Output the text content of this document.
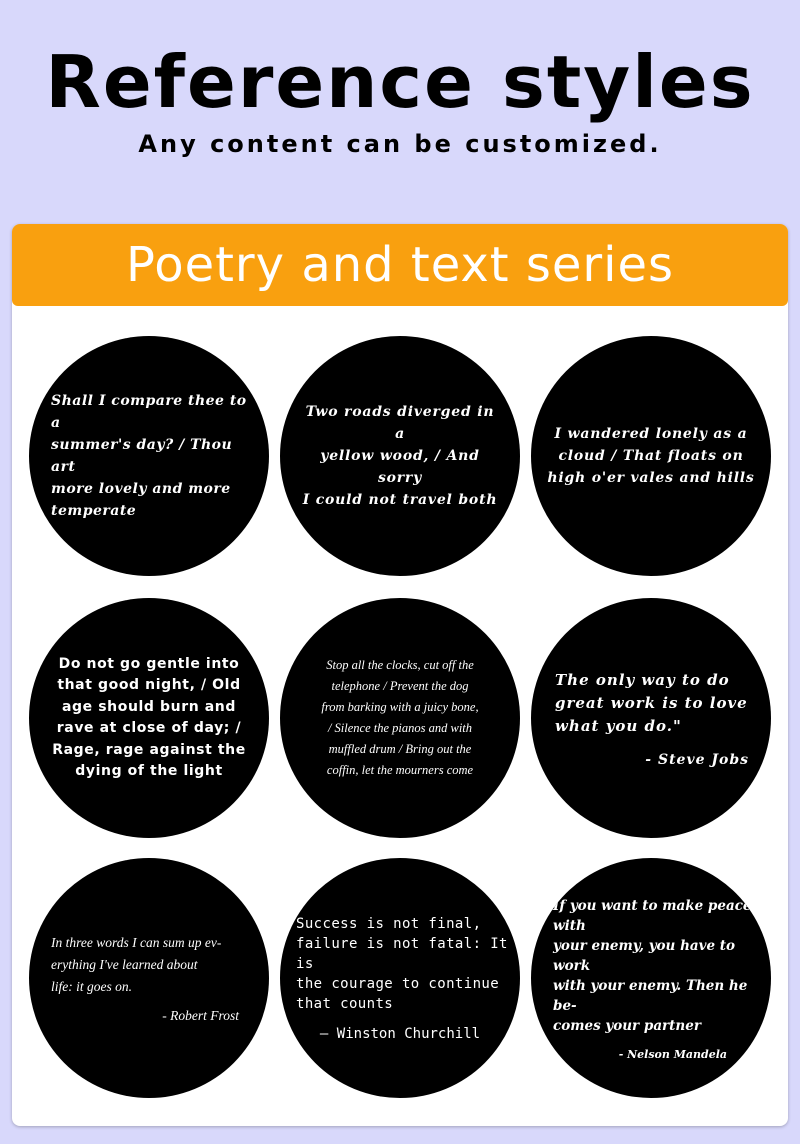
Reference styles
Any content can be customized.
Poetry and text series
Shall I compare thee to a
summer's day? / Thou art
more lovely and more
temperate
Two roads diverged in a
yellow wood, / And sorry
I could not travel both
I wandered lonely as a
cloud / That floats on
high o'er vales and hills
Do not go gentle into
that good night, / Old
age should burn and
rave at close of day; /
Rage, rage against the
dying of the light
Stop all the clocks, cut off the
telephone / Prevent the dog
from barking with a juicy bone,
/ Silence the pianos and with
muffled drum / Bring out the
coffin, let the mourners come
The only way to do
great work is to love
what you do."
- Steve Jobs
In three words I can sum up ev-
erything I've learned about
life: it goes on.
- Robert Frost
Success is not final,
failure is not fatal: It is
the courage to continue
that counts
— Winston Churchill
If you want to make peace with
your enemy, you have to work
with your enemy. Then he be-
comes your partner
- Nelson Mandela
